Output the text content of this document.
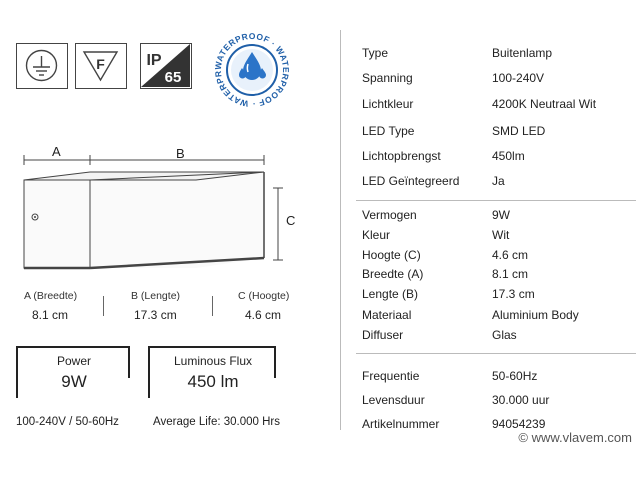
F	IP
65
ATERPROOF · WAT RPROOF · WATERP
A	B
C
A (Breedte)
8.1 cm
B (Lengte)
17.3 cm
C (Hoogte)
4.6 cm
Power
9W
Luminous Flux
450 lm
100-240V / 50-60Hz	Average Life: 30.000 Hrs
Type	Buitenlamp
Spanning	100-240V
Lichtkleur	4200K Neutraal Wit
LED Type	SMD LED
Lichtopbrengst	450lm
LED Geïntegreerd	Ja
Vermogen	9W
Kleur	Wit
Hoogte (C)	4.6 cm
Breedte (A)	8.1 cm
Lengte (B)	17.3 cm
Materiaal	Aluminium Body
Diffuser	Glas
Frequentie	50-60Hz
Levensduur	30.000 uur
Artikelnummer	94054239
© www.vlavem.com
